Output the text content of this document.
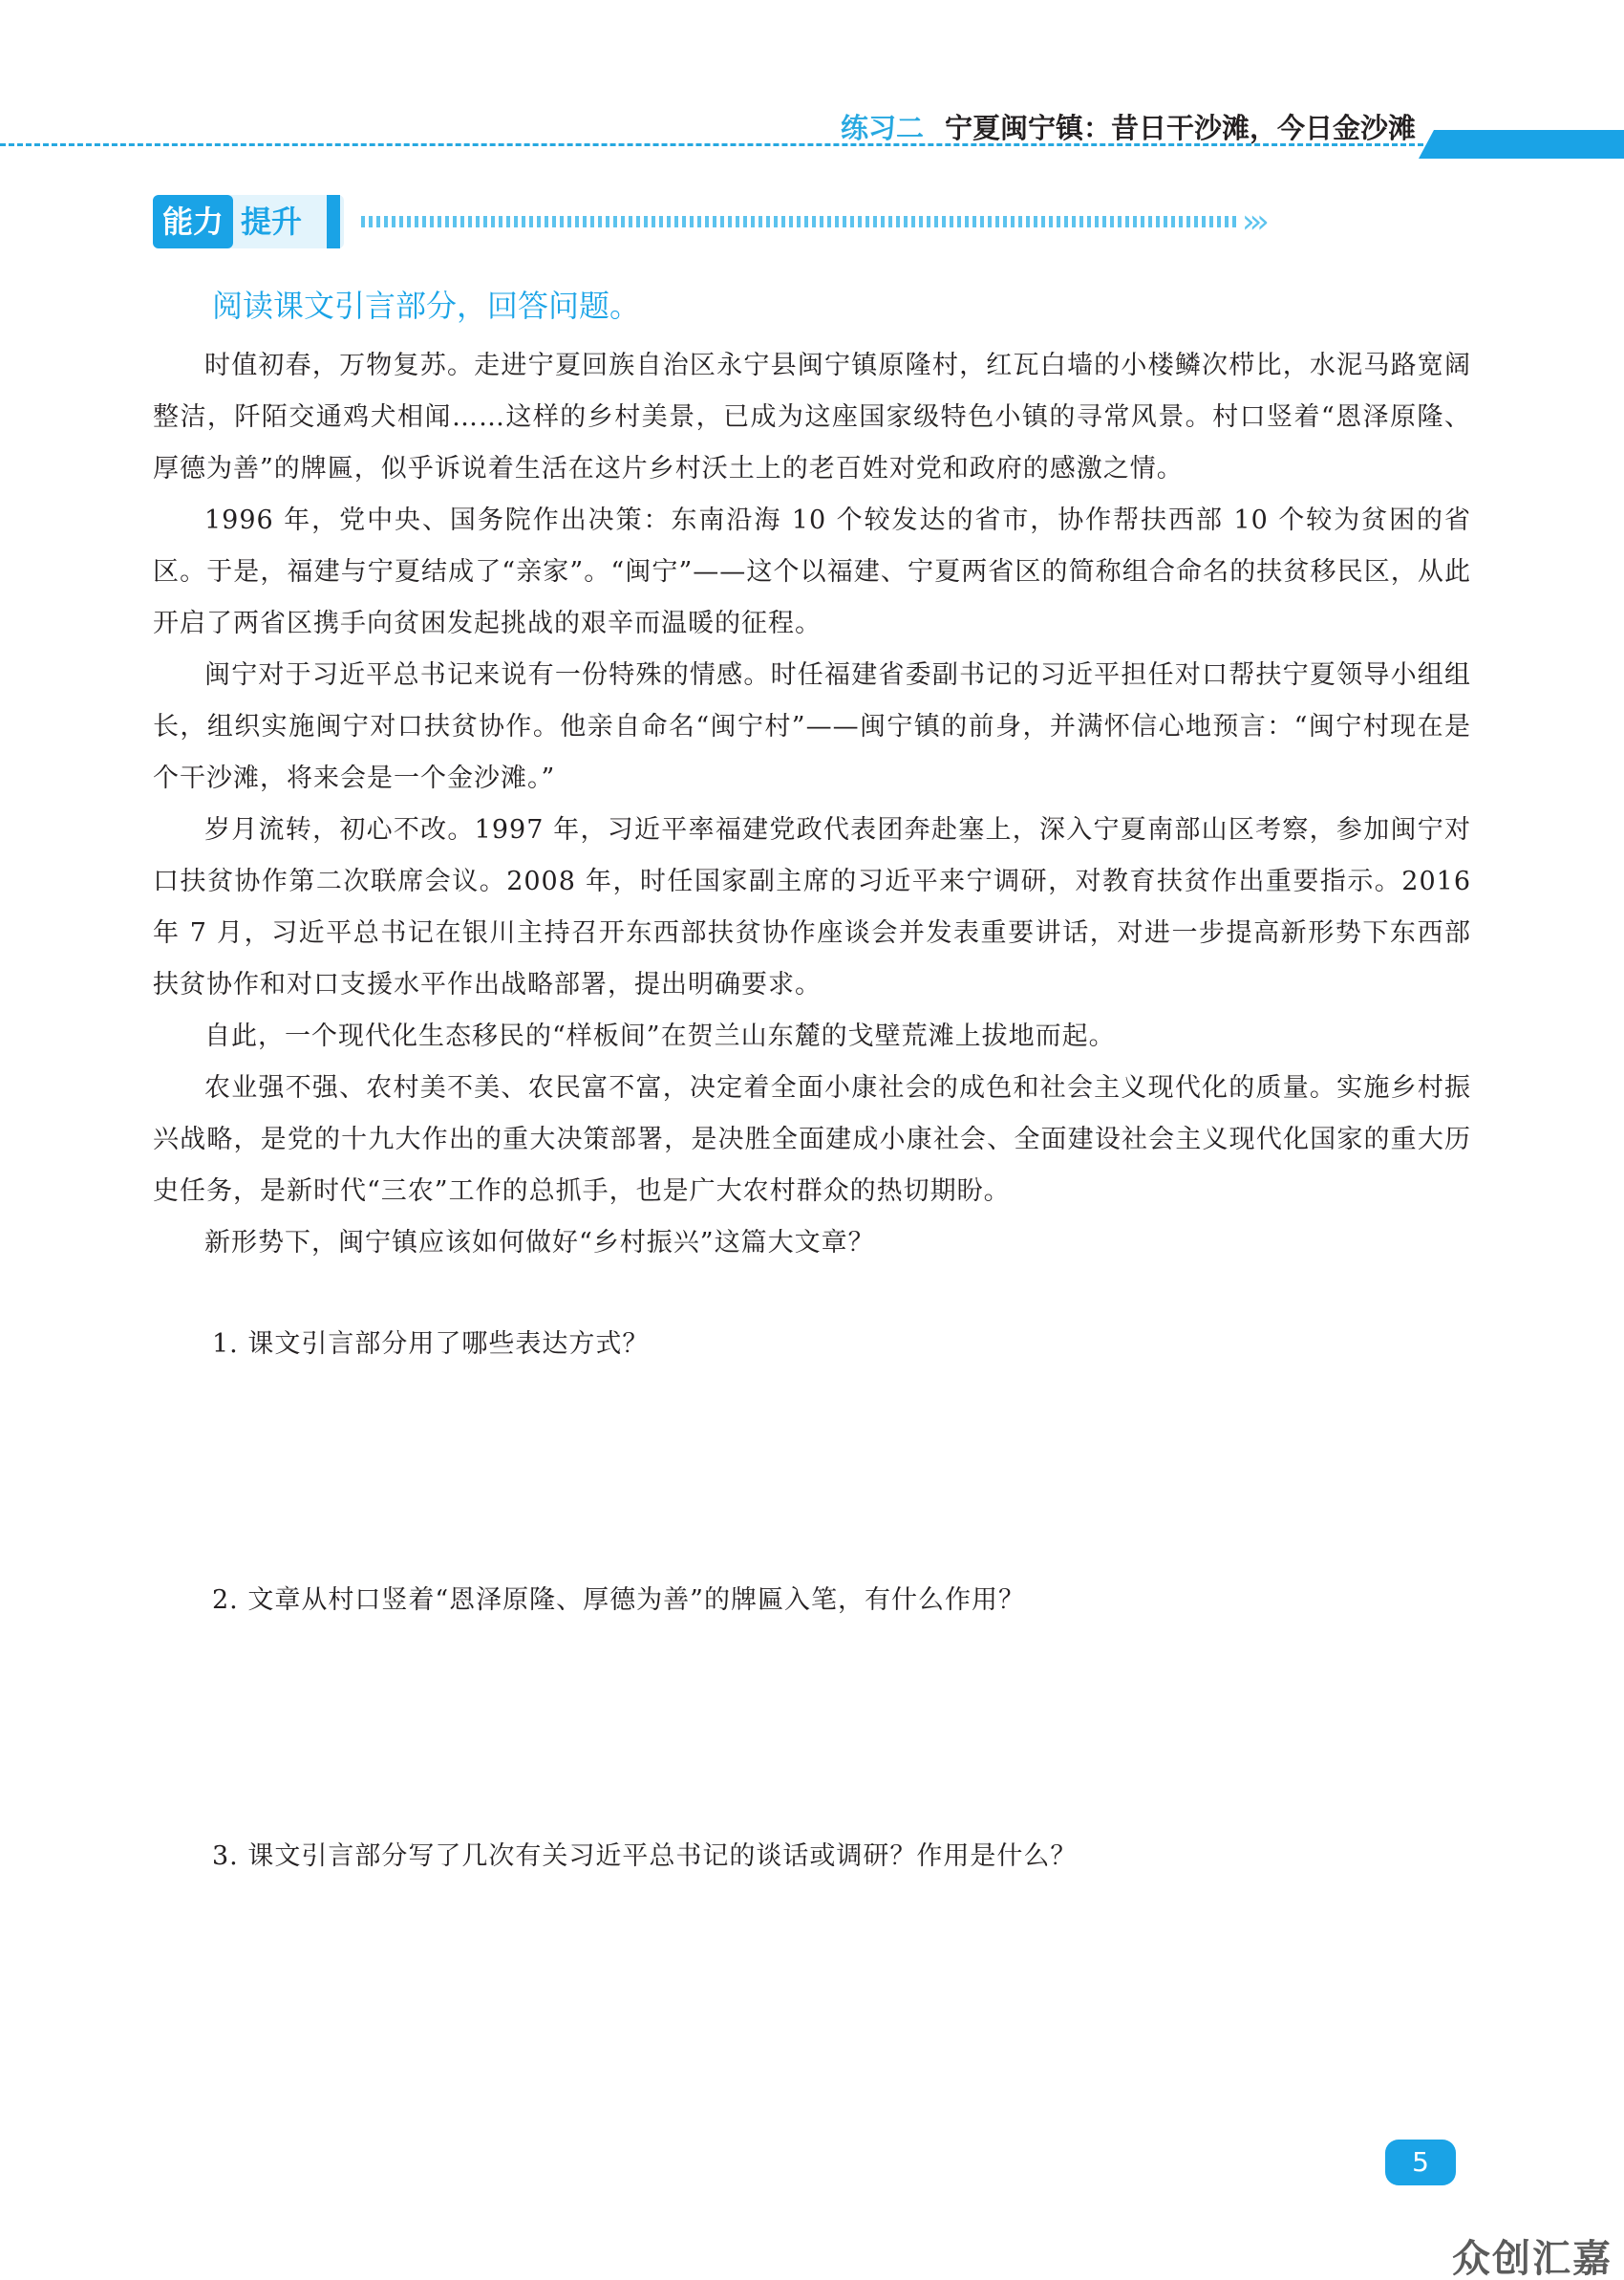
练习二 宁夏闽宁镇：昔日干沙滩，今日金沙滩
能力 提升	›››
阅读课文引言部分，回答问题。

时值初春，万物复苏。走进宁夏回族自治区永宁县闽宁镇原隆村，红瓦白墙的小楼鳞次栉比，水泥马路宽阔整洁，阡陌交通鸡犬相闻……这样的乡村美景，已成为这座国家级特色小镇的寻常风景。村口竖着“恩泽原隆、厚德为善”的牌匾，似乎诉说着生活在这片乡村沃土上的老百姓对党和政府的感激之情。

1996 年，党中央、国务院作出决策：东南沿海 10 个较发达的省市，协作帮扶西部 10 个较为贫困的省区。于是，福建与宁夏结成了“亲家”。“闽宁”——这个以福建、宁夏两省区的简称组合命名的扶贫移民区，从此开启了两省区携手向贫困发起挑战的艰辛而温暖的征程。

闽宁对于习近平总书记来说有一份特殊的情感。时任福建省委副书记的习近平担任对口帮扶宁夏领导小组组长，组织实施闽宁对口扶贫协作。他亲自命名“闽宁村”——闽宁镇的前身，并满怀信心地预言：“闽宁村现在是个干沙滩，将来会是一个金沙滩。”

岁月流转，初心不改。1997 年，习近平率福建党政代表团奔赴塞上，深入宁夏南部山区考察，参加闽宁对口扶贫协作第二次联席会议。2008 年，时任国家副主席的习近平来宁调研，对教育扶贫作出重要指示。2016 年 7 月，习近平总书记在银川主持召开东西部扶贫协作座谈会并发表重要讲话，对进一步提高新形势下东西部扶贫协作和对口支援水平作出战略部署，提出明确要求。

自此，一个现代化生态移民的“样板间”在贺兰山东麓的戈壁荒滩上拔地而起。

农业强不强、农村美不美、农民富不富，决定着全面小康社会的成色和社会主义现代化的质量。实施乡村振兴战略，是党的十九大作出的重大决策部署，是决胜全面建成小康社会、全面建设社会主义现代化国家的重大历史任务，是新时代“三农”工作的总抓手，也是广大农村群众的热切期盼。

新形势下，闽宁镇应该如何做好“乡村振兴”这篇大文章？

1. 课文引言部分用了哪些表达方式？
2. 文章从村口竖着“恩泽原隆、厚德为善”的牌匾入笔，有什么作用？
3. 课文引言部分写了几次有关习近平总书记的谈话或调研？作用是什么？
5
众创汇嘉
